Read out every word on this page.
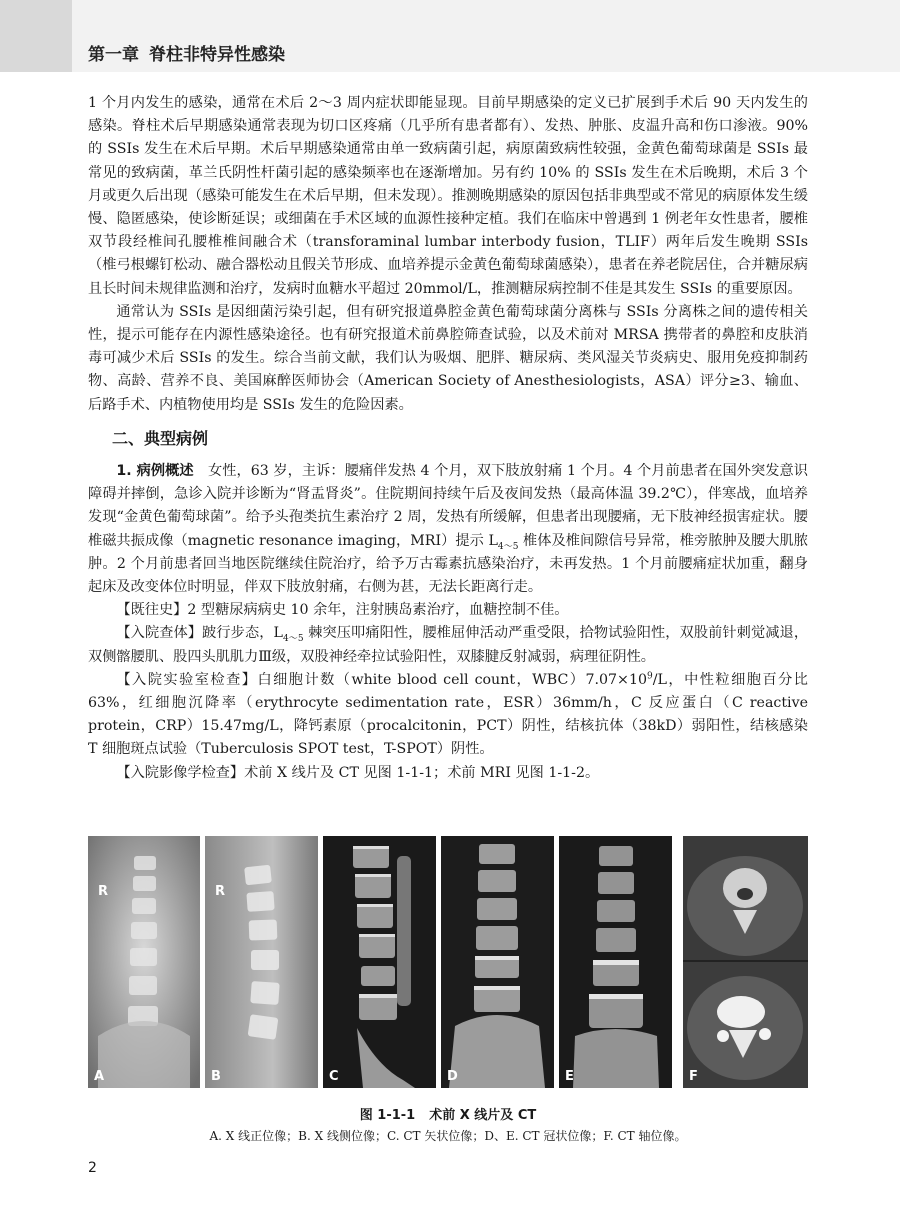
第一章 脊柱非特异性感染

1 个月内发生的感染，通常在术后 2～3 周内症状即能显现。目前早期感染的定义已扩展到手术后 90 天内发生的感染。脊柱术后早期感染通常表现为切口区疼痛（几乎所有患者都有）、发热、肿胀、皮温升高和伤口渗液。90% 的 SSIs 发生在术后早期。术后早期感染通常由单一致病菌引起，病原菌致病性较强，金黄色葡萄球菌是 SSIs 最常见的致病菌，革兰氏阴性杆菌引起的感染频率也在逐渐增加。另有约 10% 的 SSIs 发生在术后晚期，术后 3 个月或更久后出现（感染可能发生在术后早期，但未发现）。推测晚期感染的原因包括非典型或不常见的病原体发生缓慢、隐匿感染，使诊断延误；或细菌在手术区域的血源性接种定植。我们在临床中曾遇到 1 例老年女性患者，腰椎双节段经椎间孔腰椎椎间融合术（transforaminal lumbar interbody fusion，TLIF）两年后发生晚期 SSIs（椎弓根螺钉松动、融合器松动且假关节形成、血培养提示金黄色葡萄球菌感染），患者在养老院居住，合并糖尿病且长时间未规律监测和治疗，发病时血糖水平超过 20mmol/L，推测糖尿病控制不佳是其发生 SSIs 的重要原因。

通常认为 SSIs 是因细菌污染引起，但有研究报道鼻腔金黄色葡萄球菌分离株与 SSIs 分离株之间的遗传相关性，提示可能存在内源性感染途径。也有研究报道术前鼻腔筛查试验，以及术前对 MRSA 携带者的鼻腔和皮肤消毒可减少术后 SSIs 的发生。综合当前文献，我们认为吸烟、肥胖、糖尿病、类风湿关节炎病史、服用免疫抑制药物、高龄、营养不良、美国麻醉医师协会（American Society of Anesthesiologists，ASA）评分≥3、输血、后路手术、内植物使用均是 SSIs 发生的危险因素。

二、典型病例

1. 病例概述　 女性，63 岁，主诉：腰痛伴发热 4 个月，双下肢放射痛 1 个月。4 个月前患者在国外突发意识障碍并摔倒，急诊入院并诊断为“肾盂肾炎”。住院期间持续午后及夜间发热（最高体温 39.2℃），伴寒战，血培养发现“金黄色葡萄球菌”。给予头孢类抗生素治疗 2 周，发热有所缓解，但患者出现腰痛，无下肢神经损害症状。腰椎磁共振成像（magnetic resonance imaging，MRI）提示 $L_{4\sim 5}$ 椎体及椎间隙信号异常，椎旁脓肿及腰大肌脓肿。2 个月前患者回当地医院继续住院治疗，给予万古霉素抗感染治疗，未再发热。1 个月前腰痛症状加重，翻身起床及改变体位时明显，伴双下肢放射痛，右侧为甚，无法长距离行走。

【既往史】2 型糖尿病病史 10 余年，注射胰岛素治疗，血糖控制不佳。

【入院查体】跛行步态，$L_{4\sim 5}$ 棘突压叩痛阳性，腰椎屈伸活动严重受限，拾物试验阳性，双股前针刺觉减退，双侧髂腰肌、股四头肌肌力Ⅲ级，双股神经牵拉试验阳性，双膝腱反射减弱，病理征阴性。

【入院实验室检查】白细胞计数（white blood cell count，$WBC)7.07\times 10^9/L$，中性粒细胞百分比 63%，红细胞沉降率（erythrocyte sedimentation rate，ESR）36mm/h，C 反应蛋白（C reactive protein，CRP）15.47mg/L，降钙素原（procalcitonin，PCT）阴性，结核抗体（38kD）弱阳性，结核感染 T 细胞斑点试验（Tuberculosis SPOT test，T-SPOT）阴性。

【入院影像学检查】术前 X 线片及 CT 见图 1-1-1；术前 MRI 见图 1-1-2。

R
A
R
B	C	D	E	F
图 1-1-1 术前 X 线片及 CT
A. X 线正位像；B. X 线侧位像；C. CT 矢状位像；D、E. CT 冠状位像；F. CT 轴位像。
2
